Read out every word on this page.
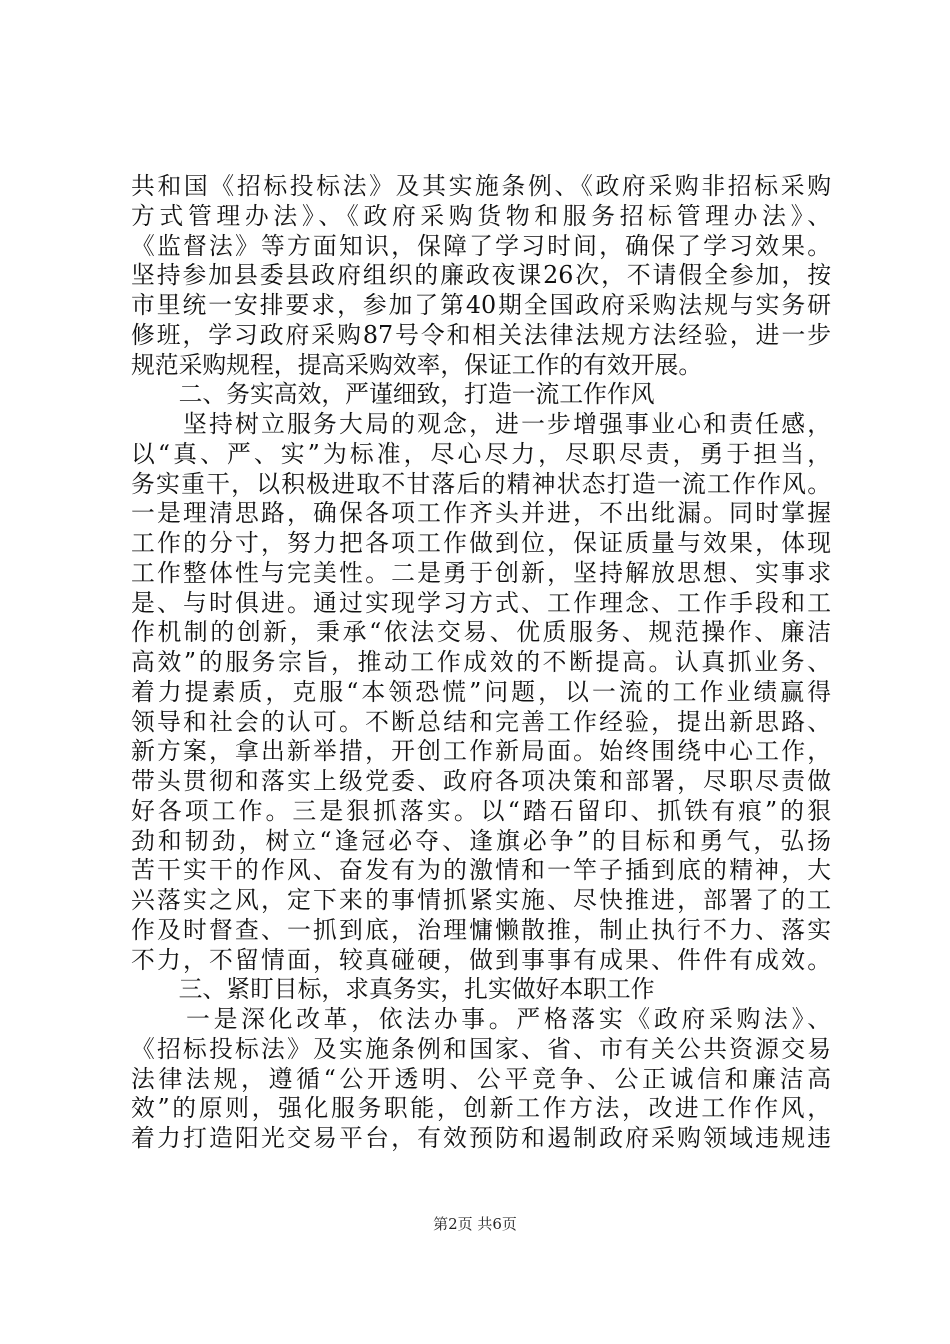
共和国《招标投标法》及其实施条例、《政府采购非招标采购
方式管理办法》、《政府采购货物和服务招标管理办法》、
《监督法》等方面知识，保障了学习时间，确保了学习效果。
坚持参加县委县政府组织的廉政夜课26次，不请假全参加，按
市里统一安排要求，参加了第40期全国政府采购法规与实务研
修班，学习政府采购87号令和相关法律法规方法经验，进一步
规范采购规程，提高采购效率，保证工作的有效开展。
　　二、务实高效，严谨细致，打造一流工作作风
　　坚持树立服务大局的观念，进一步增强事业心和责任感，
以“真、严、实”为标准，尽心尽力，尽职尽责，勇于担当，
务实重干，以积极进取不甘落后的精神状态打造一流工作作风。
一是理清思路，确保各项工作齐头并进，不出纰漏。同时掌握
工作的分寸，努力把各项工作做到位，保证质量与效果，体现
工作整体性与完美性。二是勇于创新，坚持解放思想、实事求
是、与时俱进。通过实现学习方式、工作理念、工作手段和工
作机制的创新，秉承“依法交易、优质服务、规范操作、廉洁
高效”的服务宗旨，推动工作成效的不断提高。认真抓业务、
着力提素质，克服“本领恐慌”问题，以一流的工作业绩赢得
领导和社会的认可。不断总结和完善工作经验，提出新思路、
新方案，拿出新举措，开创工作新局面。始终围绕中心工作，
带头贯彻和落实上级党委、政府各项决策和部署，尽职尽责做
好各项工作。三是狠抓落实。以“踏石留印、抓铁有痕”的狠
劲和韧劲，树立“逢冠必夺、逢旗必争”的目标和勇气，弘扬
苦干实干的作风、奋发有为的激情和一竿子插到底的精神，大
兴落实之风，定下来的事情抓紧实施、尽快推进，部署了的工
作及时督查、一抓到底，治理慵懒散推，制止执行不力、落实
不力，不留情面，较真碰硬，做到事事有成果、件件有成效。
　　三、紧盯目标，求真务实，扎实做好本职工作
　　一是深化改革，依法办事。严格落实《政府采购法》、
《招标投标法》及实施条例和国家、省、市有关公共资源交易
法律法规，遵循“公开透明、公平竞争、公正诚信和廉洁高
效”的原则，强化服务职能，创新工作方法，改进工作作风，
着力打造阳光交易平台，有效预防和遏制政府采购领域违规违
第2页 共6页
